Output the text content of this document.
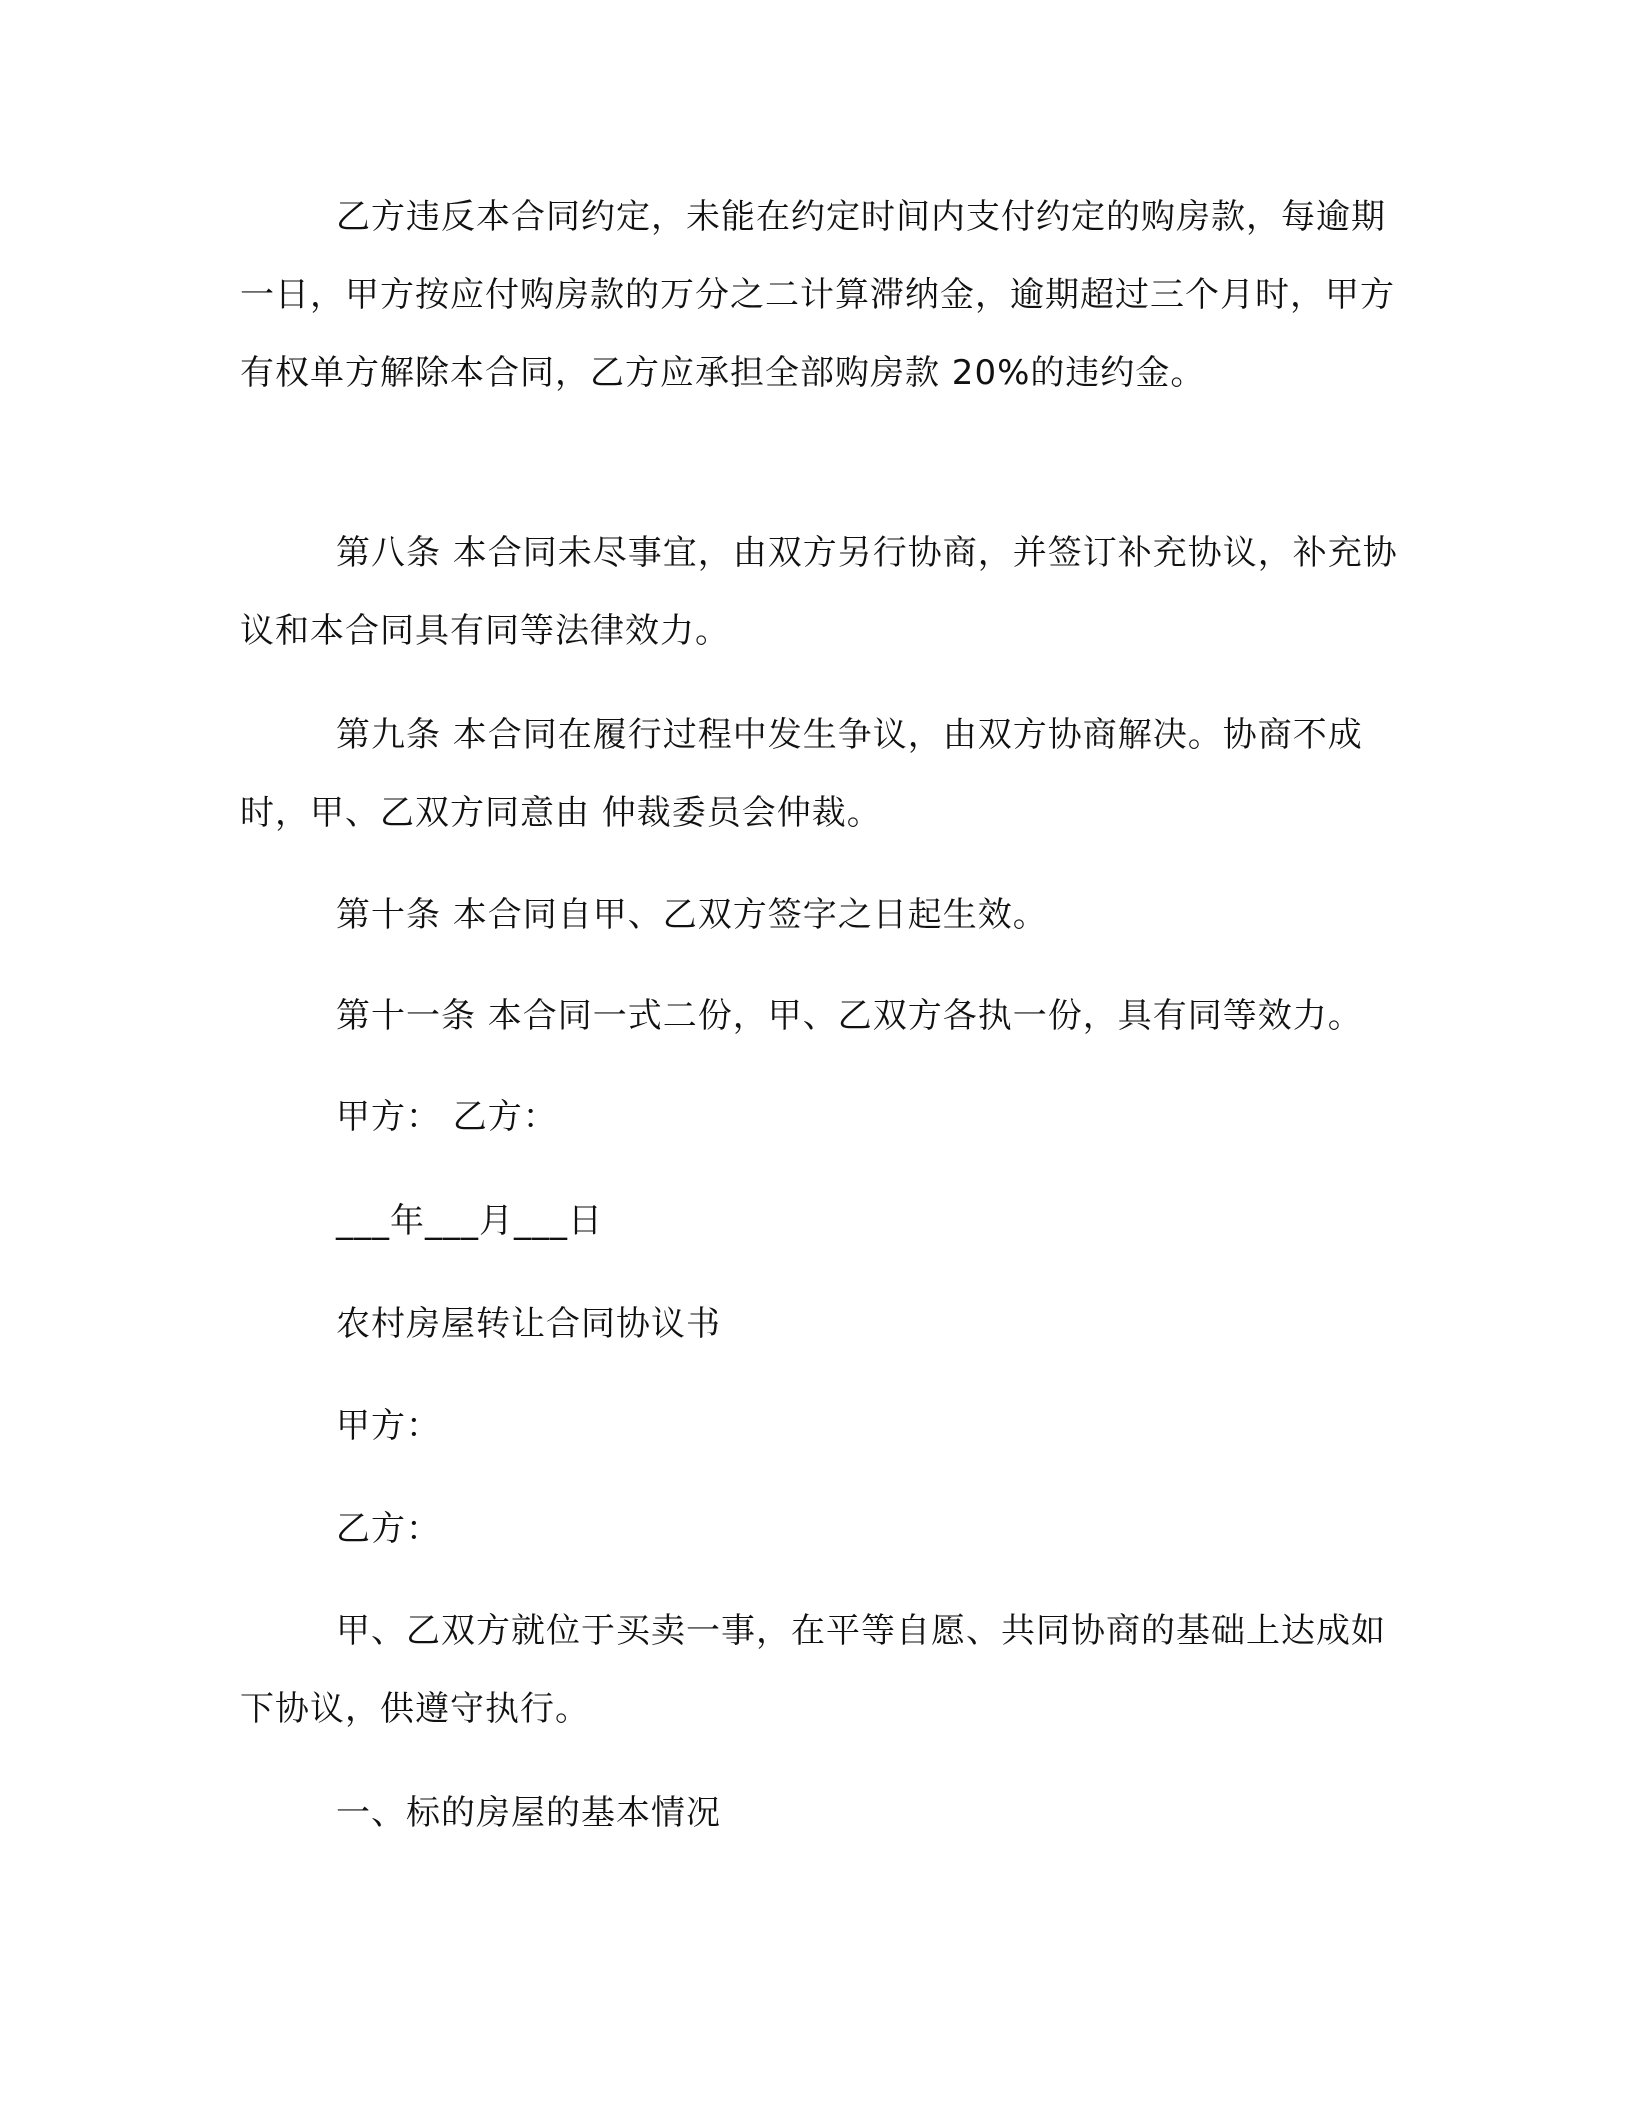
乙方违反本合同约定，未能在约定时间内支付约定的购房款，每逾期一日，甲方按应付购房款的万分之二计算滞纳金，逾期超过三个月时，甲方有权单方解除本合同，乙方应承担全部购房款 20%的违约金。

第八条 本合同未尽事宜，由双方另行协商，并签订补充协议，补充协议和本合同具有同等法律效力。

第九条 本合同在履行过程中发生争议，由双方协商解决。协商不成时，甲、乙双方同意由 仲裁委员会仲裁。

第十条 本合同自甲、乙双方签字之日起生效。

第十一条 本合同一式二份，甲、乙双方各执一份，具有同等效力。

甲方： 乙方：

___年___月___日

农村房屋转让合同协议书

甲方：

乙方：

甲、乙双方就位于买卖一事，在平等自愿、共同协商的基础上达成如下协议，供遵守执行。

一、标的房屋的基本情况
